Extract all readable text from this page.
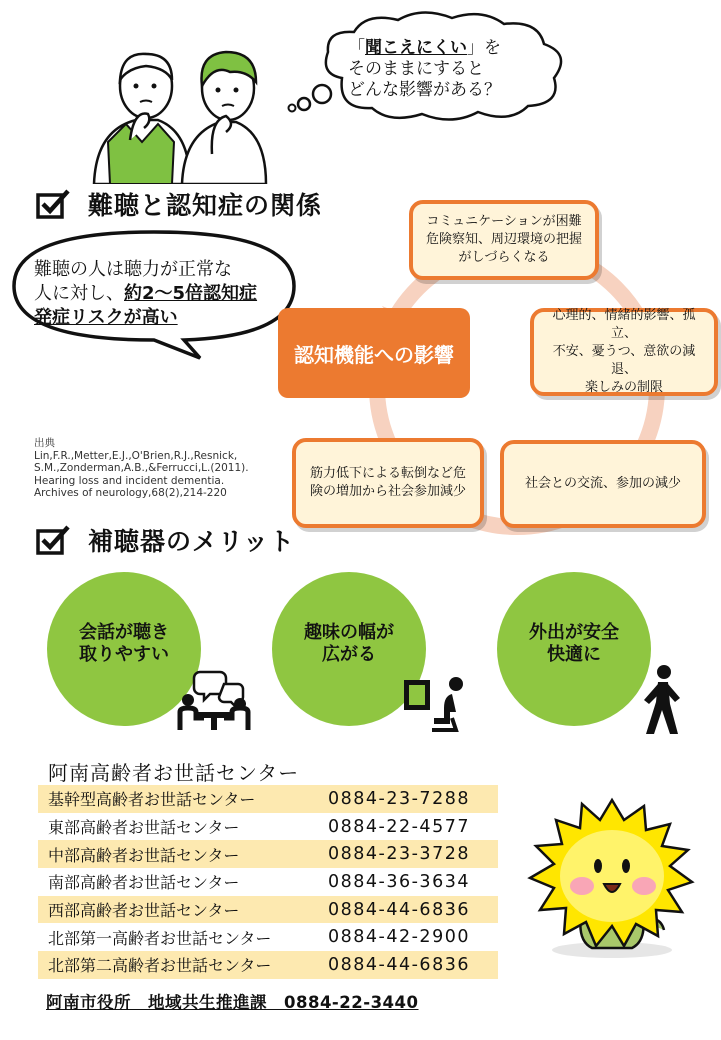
「聞こえにくい」を
そのままにすると
どんな影響がある？
難聴と認知症の関係
難聴の人は聴力が正常な
人に対し、約2～5倍認知症
発症リスクが高い
認知機能への影響
コミュニケーションが困難
危険察知、周辺環境の把握
がしづらくなる
心理的、情緒的影響、孤立、
不安、憂うつ、意欲の減退、
楽しみの制限
社会との交流、参加の減少
筋力低下による転倒など危
険の増加から社会参加減少
出典
Lin,F.R.,Metter,E.J.,O'Brien,R.J.,Resnick,
S.M.,Zonderman,A.B.,&Ferrucci,L.(2011).
Hearing loss and incident dementia.
Archives of neurology,68(2),214-220
補聴器のメリット
会話が聴き
取りやすい
趣味の幅が
広がる
外出が安全
快適に
阿南高齢者お世話センター
基幹型高齢者お世話センター	0884-23-7288
東部高齢者お世話センター	0884-22-4577
中部高齢者お世話センター	0884-23-3728
南部高齢者お世話センター	0884-36-3634
西部高齢者お世話センター	0884-44-6836
北部第一高齢者お世話センター	0884-42-2900
北部第二高齢者お世話センター	0884-44-6836
阿南市役所　地域共生推進課　0884-22-3440
